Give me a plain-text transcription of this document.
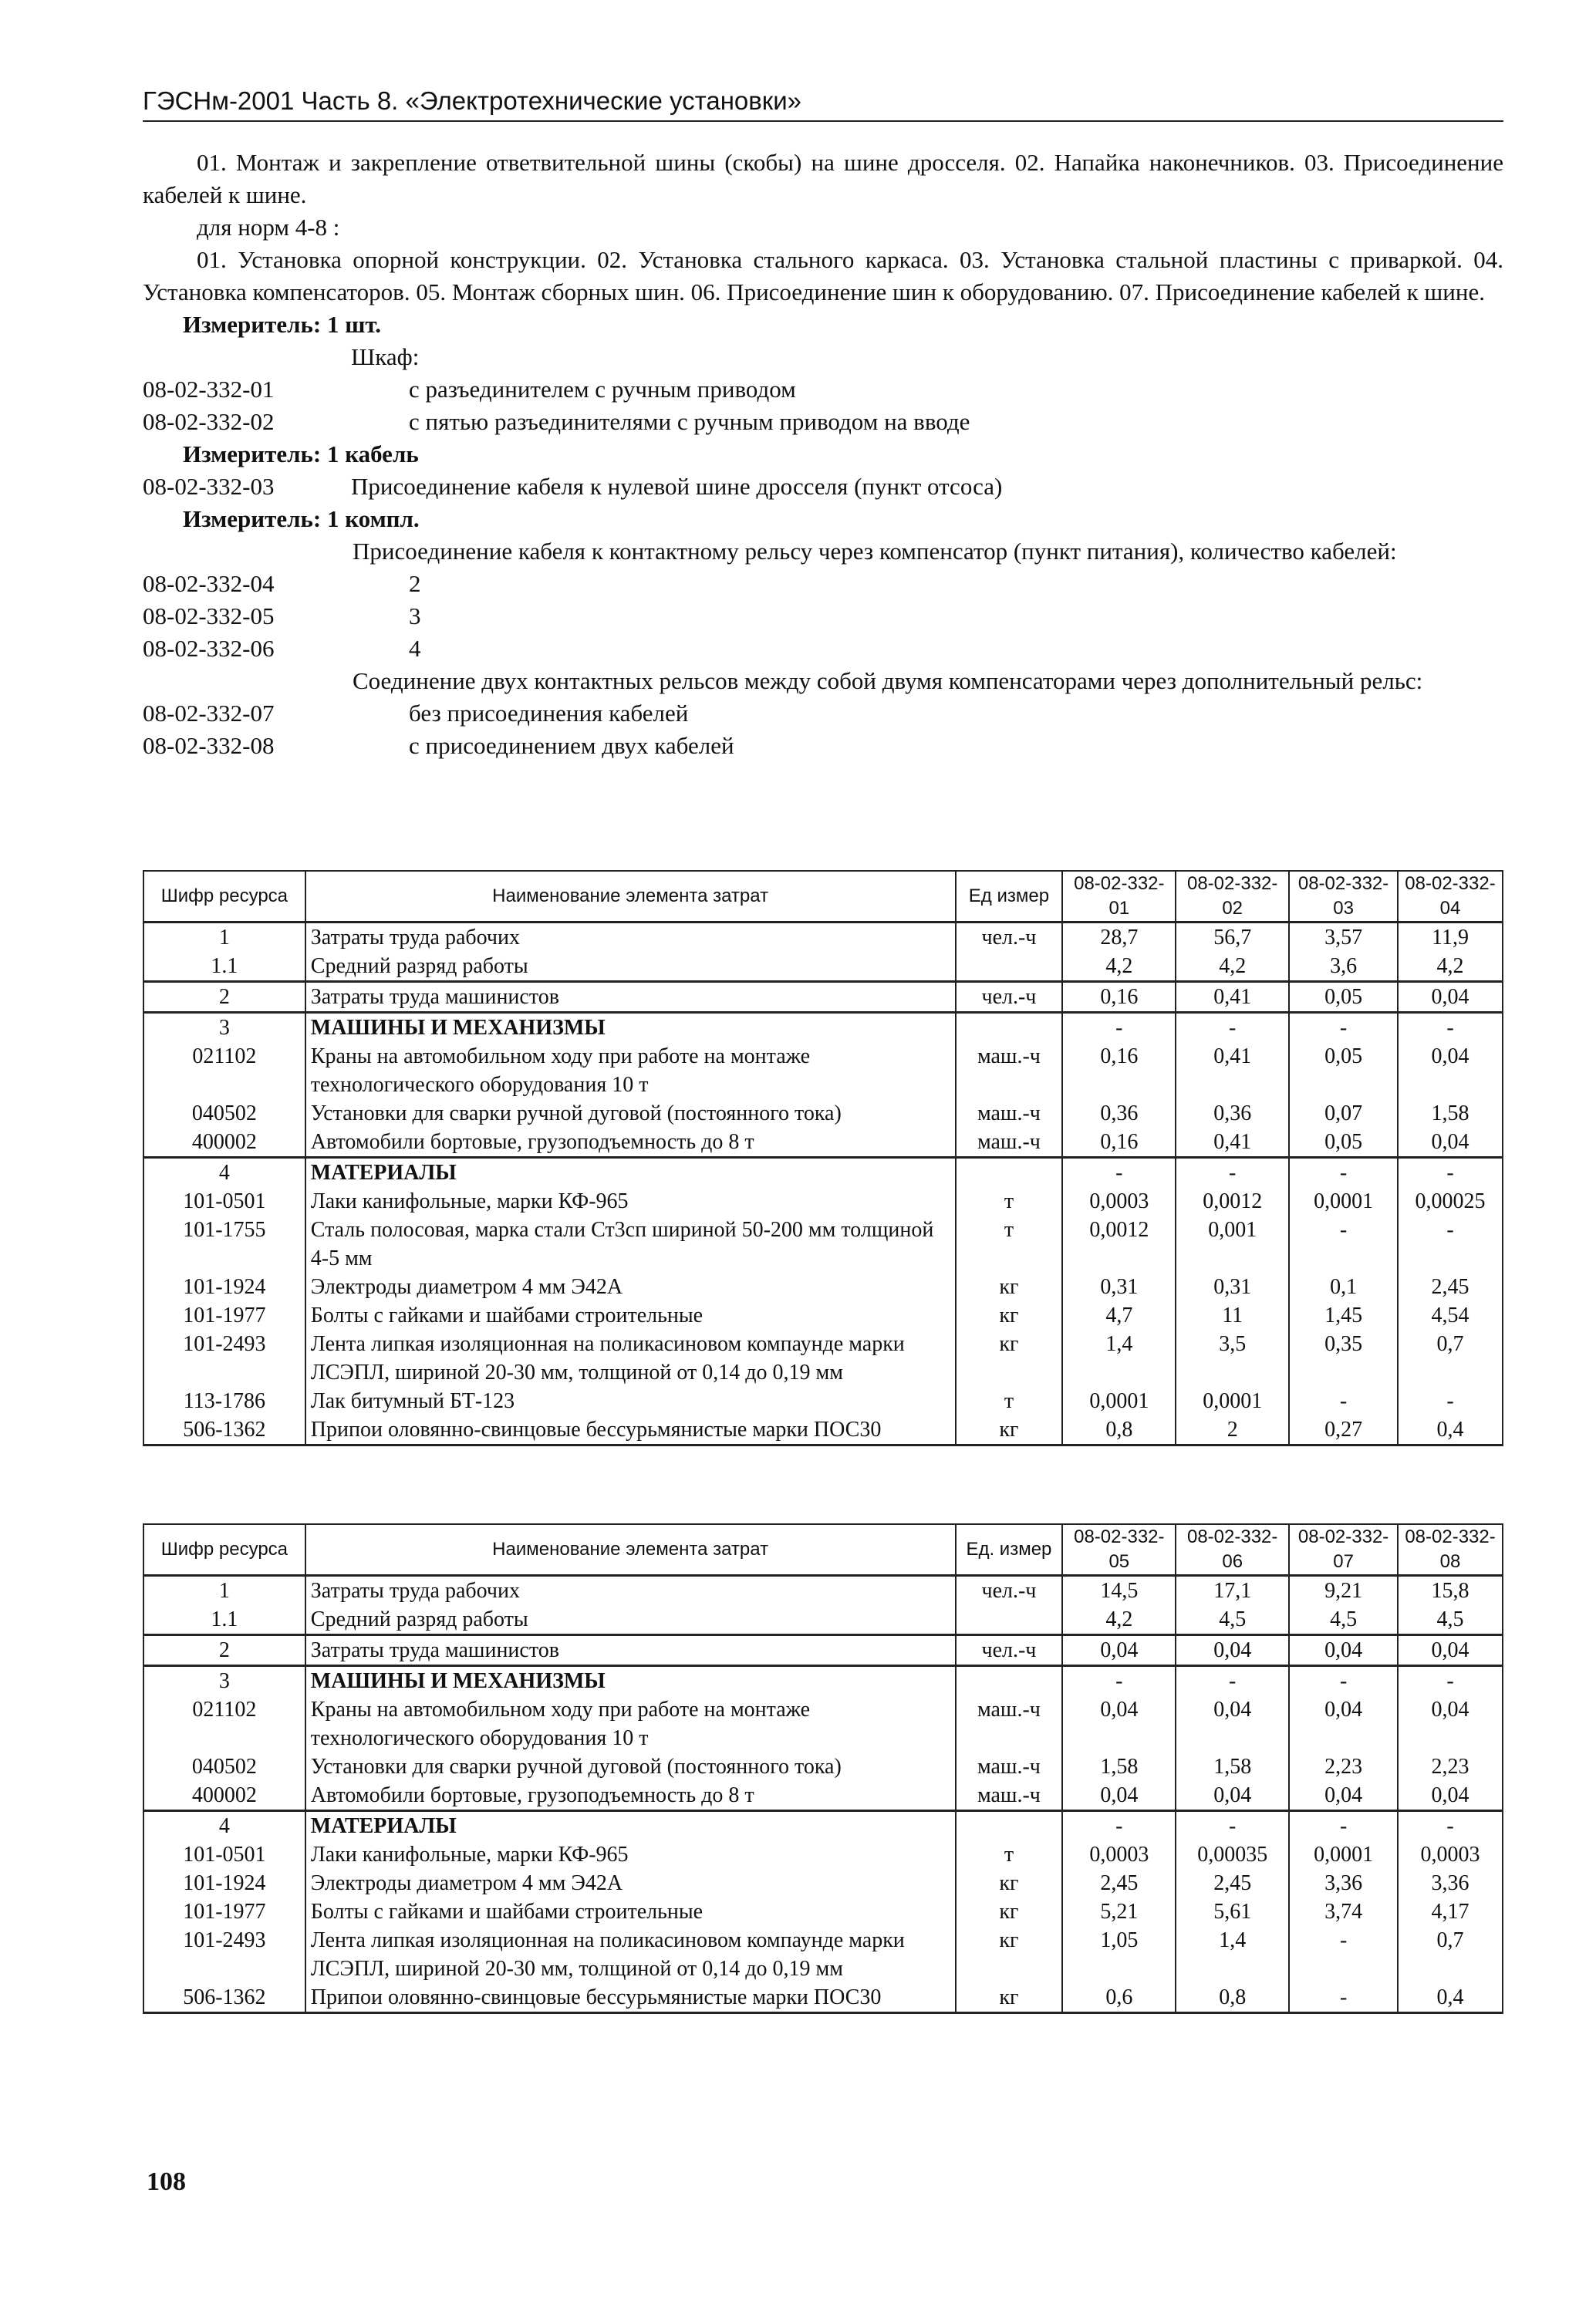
ГЭСНм-2001 Часть 8. «Электротехнические установки»
01. Монтаж и закрепление ответвительной шины (скобы) на шине дросселя. 02. Напайка наконечников. 03. Присоединение кабелей к шине.
для норм 4-8 :
01. Установка опорной конструкции. 02. Установка стального каркаса. 03. Установка стальной пластины с приваркой. 04. Установка компенсаторов. 05. Монтаж сборных шин. 06. Присоединение шин к оборудованию. 07. Присоединение кабелей к шине.
Измеритель: 1 шт.
Шкаф:
08-02-332-01	с разъединителем с ручным приводом
08-02-332-02	с пятью разъединителями с ручным приводом на вводе
Измеритель: 1 кабель
08-02-332-03	Присоединение кабеля к нулевой шине дросселя (пункт отсоса)
Измеритель: 1 компл.
Присоединение кабеля к контактному рельсу через компенсатор (пункт питания), количество кабелей:
08-02-332-04	2
08-02-332-05	3
08-02-332-06	4
Соединение двух контактных рельсов между собой двумя компенсаторами через дополнительный рельс:
08-02-332-07	без присоединения кабелей
08-02-332-08	с присоединением двух кабелей
Шифр ресурса	Наименование элемента затрат	Ед измер	08-02-332-01	08-02-332-02	08-02-332-03	08-02-332-04
1	Затраты труда рабочих	чел.-ч	28,7	56,7	3,57	11,9
1.1	Средний разряд работы		4,2	4,2	3,6	4,2
2	Затраты труда машинистов	чел.-ч	0,16	0,41	0,05	0,04
3	МАШИНЫ И МЕХАНИЗМЫ		-	-	-	-
021102	Краны на автомобильном ходу при работе на монтаже технологического оборудования 10 т	маш.-ч	0,16	0,41	0,05	0,04
040502	Установки для сварки ручной дуговой (постоянного тока)	маш.-ч	0,36	0,36	0,07	1,58
400002	Автомобили бортовые, грузоподъемность до 8 т	маш.-ч	0,16	0,41	0,05	0,04
4	МАТЕРИАЛЫ		-	-	-	-
101-0501	Лаки канифольные, марки КФ-965	т	0,0003	0,0012	0,0001	0,00025
101-1755	Сталь полосовая, марка стали Ст3сп шириной 50-200 мм толщиной 4-5 мм	т	0,0012	0,001	-	-
101-1924	Электроды диаметром 4 мм Э42А	кг	0,31	0,31	0,1	2,45
101-1977	Болты с гайками и шайбами строительные	кг	4,7	11	1,45	4,54
101-2493	Лента липкая изоляционная на поликасиновом компаунде марки ЛСЭПЛ, шириной 20-30 мм, толщиной от 0,14 до 0,19 мм	кг	1,4	3,5	0,35	0,7
113-1786	Лак битумный БТ-123	т	0,0001	0,0001	-	-
506-1362	Припои оловянно-свинцовые бессурьмянистые марки ПОС30	кг	0,8	2	0,27	0,4
Шифр ресурса	Наименование элемента затрат	Ед. измер	08-02-332-05	08-02-332-06	08-02-332-07	08-02-332-08
1	Затраты труда рабочих	чел.-ч	14,5	17,1	9,21	15,8
1.1	Средний разряд работы		4,2	4,5	4,5	4,5
2	Затраты труда машинистов	чел.-ч	0,04	0,04	0,04	0,04
3	МАШИНЫ И МЕХАНИЗМЫ		-	-	-	-
021102	Краны на автомобильном ходу при работе на монтаже технологического оборудования 10 т	маш.-ч	0,04	0,04	0,04	0,04
040502	Установки для сварки ручной дуговой (постоянного тока)	маш.-ч	1,58	1,58	2,23	2,23
400002	Автомобили бортовые, грузоподъемность до 8 т	маш.-ч	0,04	0,04	0,04	0,04
4	МАТЕРИАЛЫ		-	-	-	-
101-0501	Лаки канифольные, марки КФ-965	т	0,0003	0,00035	0,0001	0,0003
101-1924	Электроды диаметром 4 мм Э42А	кг	2,45	2,45	3,36	3,36
101-1977	Болты с гайками и шайбами строительные	кг	5,21	5,61	3,74	4,17
101-2493	Лента липкая изоляционная на поликасиновом компаунде марки ЛСЭПЛ, шириной 20-30 мм, толщиной от 0,14 до 0,19 мм	кг	1,05	1,4	-	0,7
506-1362	Припои оловянно-свинцовые бессурьмянистые марки ПОС30	кг	0,6	0,8	-	0,4
108
